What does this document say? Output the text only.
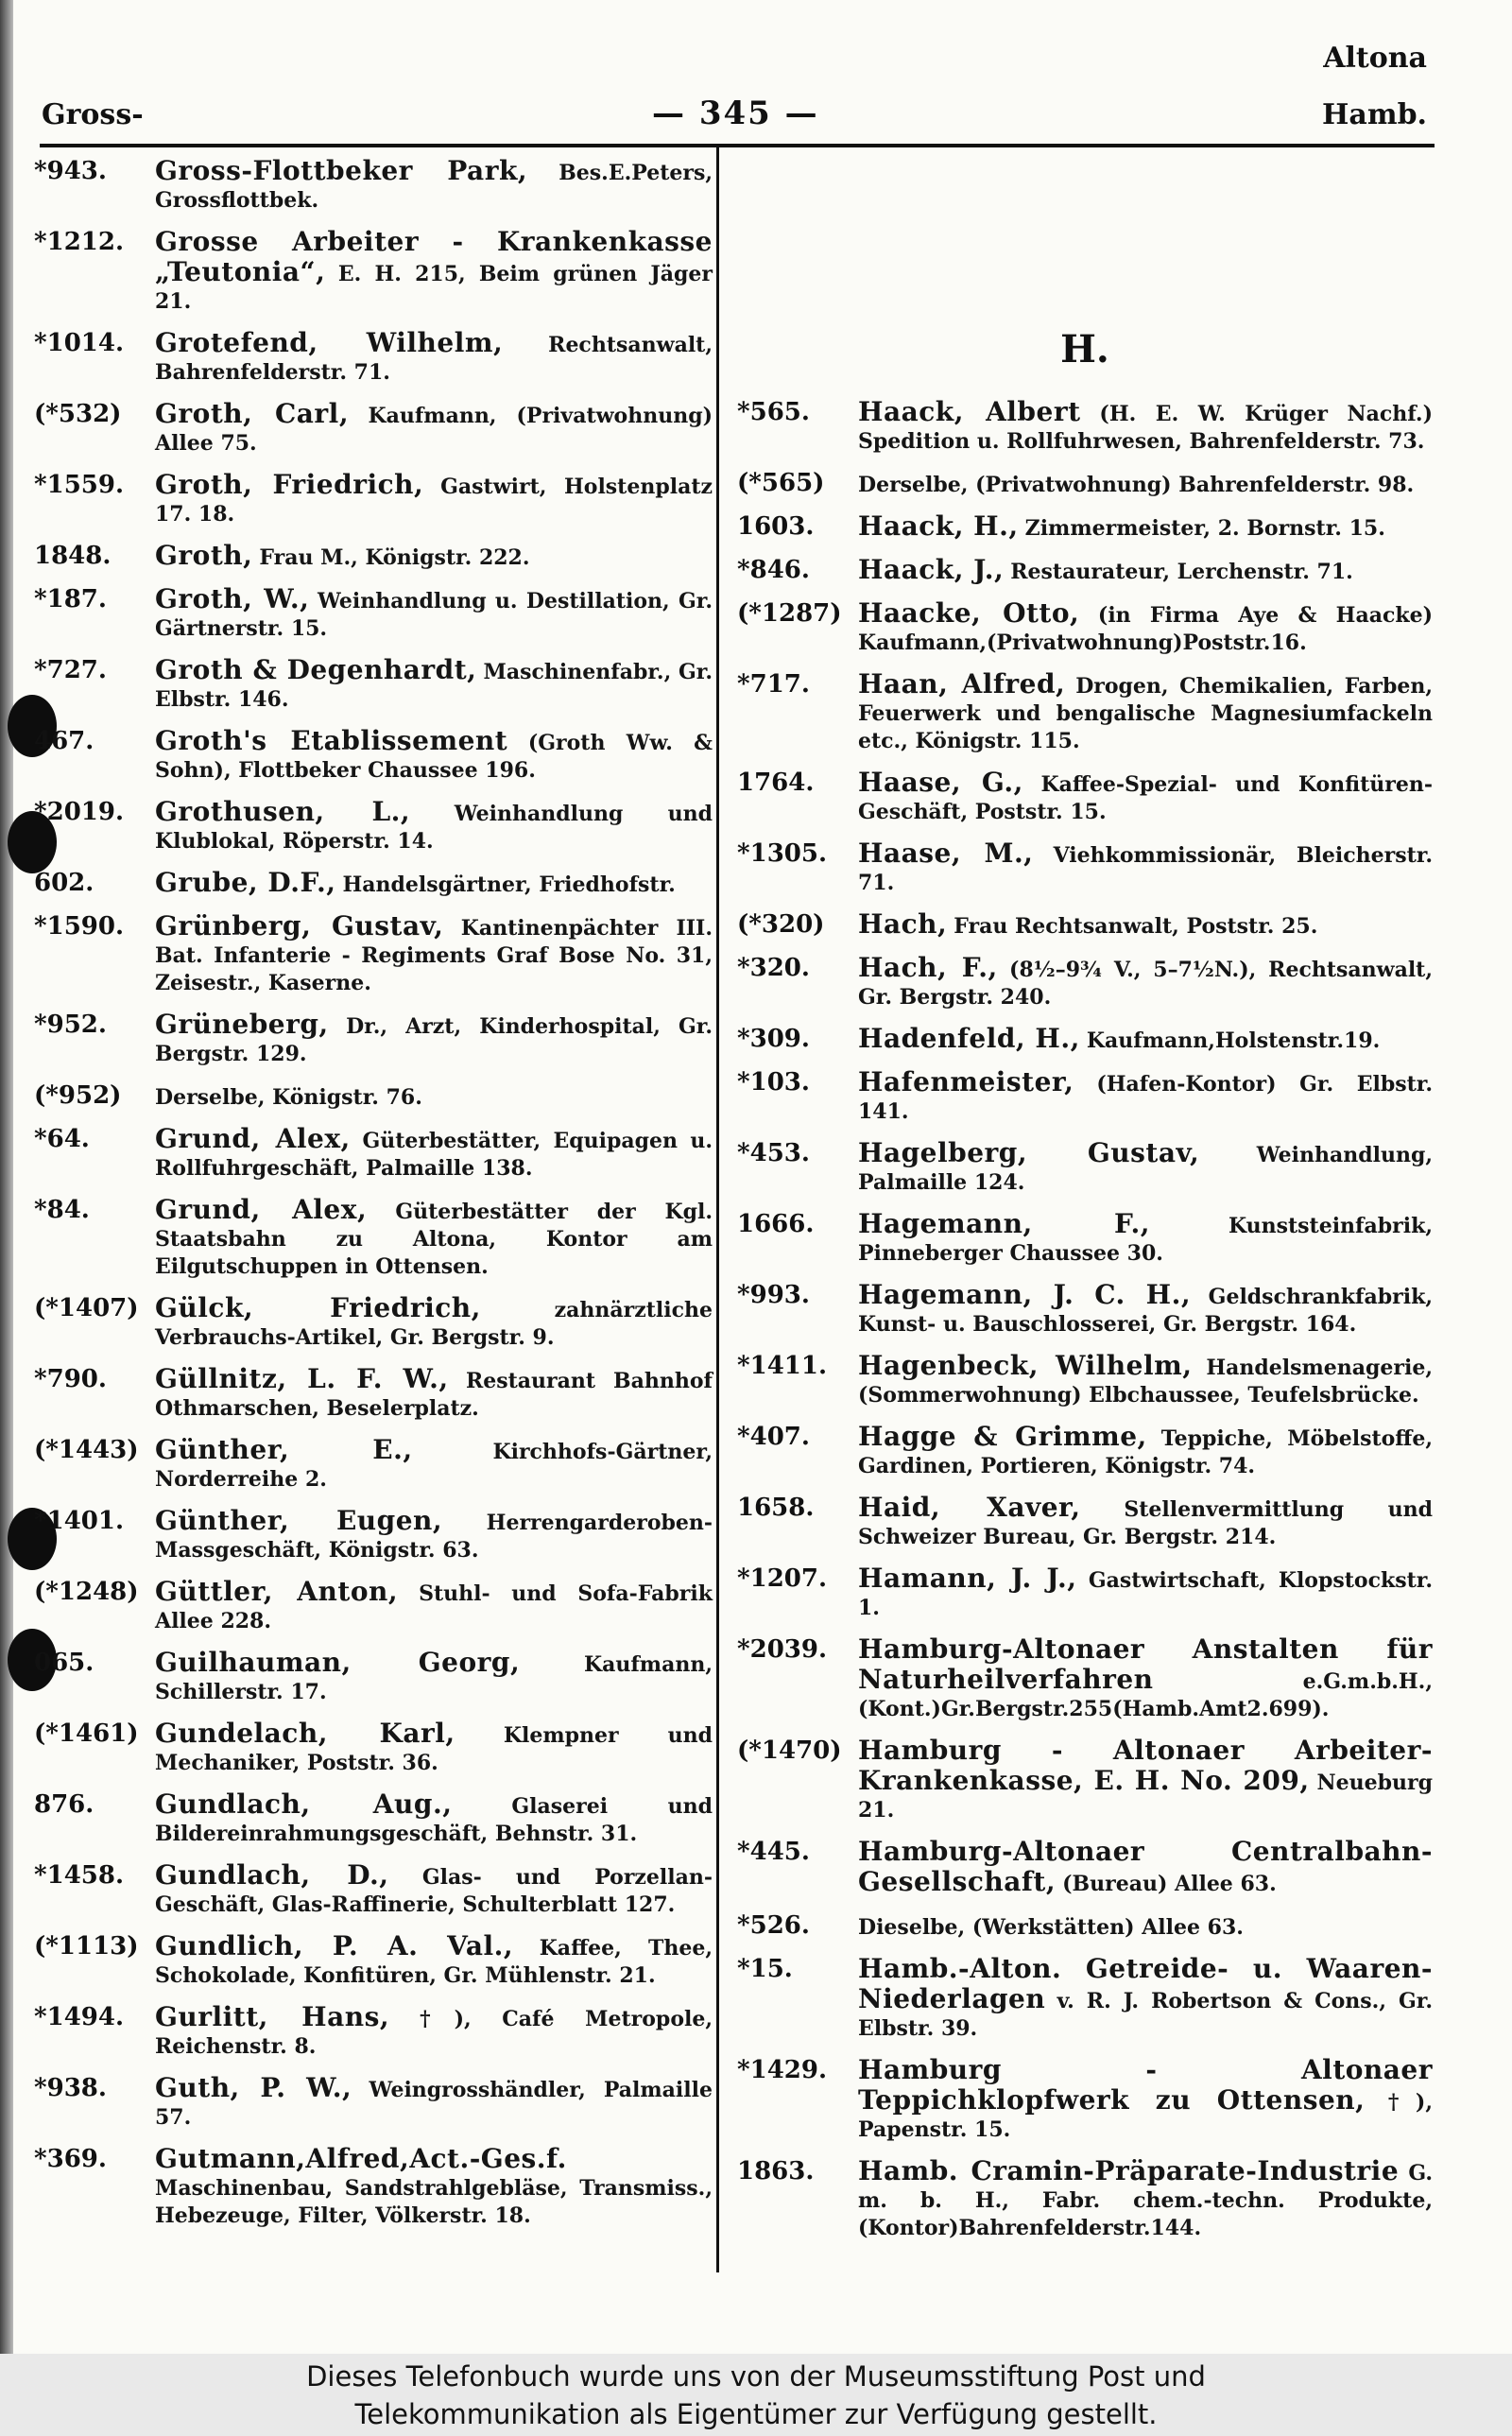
Altona
Gross-	— 345 —	Hamb.
*943. Gross-Flottbeker Park, Bes.E.Peters, Grossflottbek.
*1212. Grosse Arbeiter - Krankenkasse „Teutonia“, E. H. 215, Beim grünen Jäger 21.
*1014. Grotefend, Wilhelm, Rechtsanwalt, Bahrenfelderstr. 71.
(*532) Groth, Carl, Kaufmann, (Privatwohnung) Allee 75.
*1559. Groth, Friedrich, Gastwirt, Holstenplatz 17. 18.
1848. Groth, Frau M., Königstr. 222.
*187. Groth, W., Weinhandlung u. Destillation, Gr. Gärtnerstr. 15.
*727. Groth & Degenhardt, Maschinenfabr., Gr. Elbstr. 146.
467. Groth's Etablissement (Groth Ww. & Sohn), Flottbeker Chaussee 196.
*2019. Grothusen, L., Weinhandlung und Klublokal, Röperstr. 14.
602. Grube, D.F., Handelsgärtner, Friedhofstr.
*1590. Grünberg, Gustav, Kantinenpächter III. Bat. Infanterie - Regiments Graf Bose No. 31, Zeisestr., Kaserne.
*952. Grüneberg, Dr., Arzt, Kinderhospital, Gr. Bergstr. 129.
(*952) Derselbe, Königstr. 76.
*64. Grund, Alex, Güterbestätter, Equipagen u. Rollfuhrgeschäft, Palmaille 138.
*84. Grund, Alex, Güterbestätter der Kgl. Staatsbahn zu Altona, Kontor am Eilgutschuppen in Ottensen.
(*1407) Gülck, Friedrich,	zahnärztliche Verbrauchs-Artikel, Gr. Bergstr. 9.
*790. Güllnitz, L. F. W., Restaurant Bahnhof Othmarschen, Beselerplatz.
(*1443) Günther, E.,	Kirchhofs-Gärtner, Norderreihe 2.
*1401. Günther, Eugen, Herrengarderoben-Massgeschäft, Königstr. 63.
(*1248) Güttler, Anton, Stuhl- und Sofa-Fabrik Allee 228.
065. Guilhauman, Georg,	Kaufmann, Schillerstr. 17.
(*1461) Gundelach, Karl, Klempner und Mechaniker, Poststr. 36.
876. Gundlach, Aug.,	Glaserei und Bildereinrahmungsgeschäft, Behnstr. 31.
*1458. Gundlach, D., Glas- und Porzellan-Geschäft, Glas-Raffinerie, Schulterblatt 127.
(*1113) Gundlich, P. A. Val., Kaffee, Thee, Schokolade, Konfitüren, Gr. Mühlenstr. 21.
*1494. Gurlitt, Hans, †), Café Metropole, Reichenstr. 8.
*938. Guth, P. W., Weingrosshändler, Palmaille 57.
*369. Gutmann,Alfred,Act.-Ges.f. Maschinenbau, Sandstrahlgebläse, Transmiss., Hebezeuge, Filter, Völkerstr. 18.
H.
*565. Haack, Albert (H. E. W. Krüger Nachf.) Spedition u. Rollfuhrwesen, Bahrenfelderstr. 73.
(*565) Derselbe, (Privatwohnung) Bahrenfelderstr. 98.
1603. Haack, H., Zimmermeister, 2. Bornstr. 15.
*846. Haack, J., Restaurateur, Lerchenstr. 71.
(*1287) Haacke, Otto, (in Firma Aye & Haacke) Kaufmann,(Privatwohnung)Poststr.16.
*717. Haan, Alfred, Drogen, Chemikalien, Farben, Feuerwerk und bengalische Magnesiumfackeln etc., Königstr. 115.
1764. Haase, G., Kaffee-Spezial- und Konfitüren-Geschäft, Poststr. 15.
*1305. Haase, M., Viehkommissionär, Bleicherstr. 71.
(*320) Hach, Frau Rechtsanwalt, Poststr. 25.
*320. Hach, F., (8½–9¾ V., 5–7½N.), Rechtsanwalt, Gr. Bergstr. 240.
*309. Hadenfeld, H., Kaufmann,Holstenstr.19.
*103. Hafenmeister, (Hafen-Kontor) Gr. Elbstr. 141.
*453. Hagelberg, Gustav,	Weinhandlung, Palmaille 124.
1666. Hagemann, F.,	Kunststeinfabrik, Pinneberger Chaussee 30.
*993. Hagemann, J. C. H., Geldschrankfabrik, Kunst- u. Bauschlosserei, Gr. Bergstr. 164.
*1411. Hagenbeck, Wilhelm, Handelsmenagerie, (Sommerwohnung) Elbchaussee, Teufelsbrücke.
*407. Hagge & Grimme, Teppiche, Möbelstoffe, Gardinen, Portieren, Königstr. 74.
1658. Haid, Xaver, Stellenvermittlung und Schweizer Bureau, Gr. Bergstr. 214.
*1207. Hamann, J. J., Gastwirtschaft, Klopstockstr. 1.
*2039. Hamburg-Altonaer Anstalten für Naturheilverfahren	e.G.m.b.H., (Kont.)Gr.Bergstr.255(Hamb.Amt2.699).
(*1470) Hamburg - Altonaer Arbeiter-Krankenkasse, E. H. No. 209, Neueburg 21.
*445. Hamburg-Altonaer Centralbahn-Gesellschaft, (Bureau) Allee 63.
*526. Dieselbe, (Werkstätten) Allee 63.
*15. Hamb.-Alton. Getreide- u. Waaren-Niederlagen v. R. J. Robertson & Cons., Gr. Elbstr. 39.
*1429. Hamburg - Altonaer Teppichklopfwerk zu Ottensen, †), Papenstr. 15.
1863. Hamb. Cramin-Präparate-Industrie G. m. b. H., Fabr. chem.-techn. Produkte,(Kontor)Bahrenfelderstr.144.
Dieses Telefonbuch wurde uns von der Museumsstiftung Post und
Telekommunikation als Eigentümer zur Verfügung gestellt.
